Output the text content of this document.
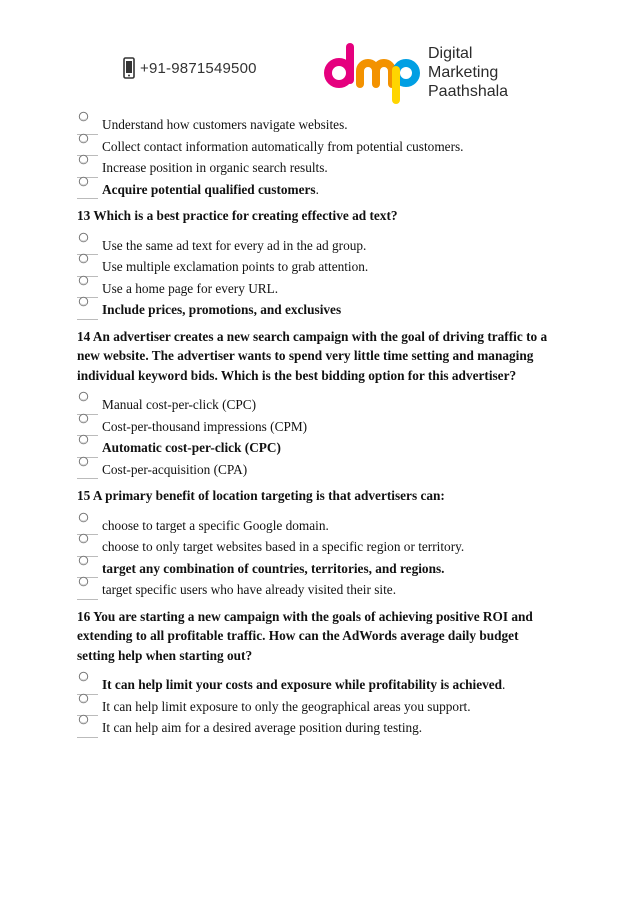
+91-9871549500
Digital
Marketing
Paathshala
Understand how customers navigate websites.
Collect contact information automatically from potential customers.
Increase position in organic search results.
Acquire potential qualified customers.
13 Which is a best practice for creating effective ad text?
Use the same ad text for every ad in the ad group.
Use multiple exclamation points to grab attention.
Use a home page for every URL.
Include prices, promotions, and exclusives
14 An advertiser creates a new search campaign with the goal of driving traffic to a new website. The advertiser wants to spend very little time setting and managing individual keyword bids. Which is the best bidding option for this advertiser?
Manual cost-per-click (CPC)
Cost-per-thousand impressions (CPM)
Automatic cost-per-click (CPC)
Cost-per-acquisition (CPA)
15 A primary benefit of location targeting is that advertisers can:
choose to target a specific Google domain.
choose to only target websites based in a specific region or territory.
target any combination of countries, territories, and regions.
target specific users who have already visited their site.
16 You are starting a new campaign with the goals of achieving positive ROI and extending to all profitable traffic. How can the AdWords average daily budget setting help when starting out?
It can help limit your costs and exposure while profitability is achieved.
It can help limit exposure to only the geographical areas you support.
It can help aim for a desired average position during testing.
